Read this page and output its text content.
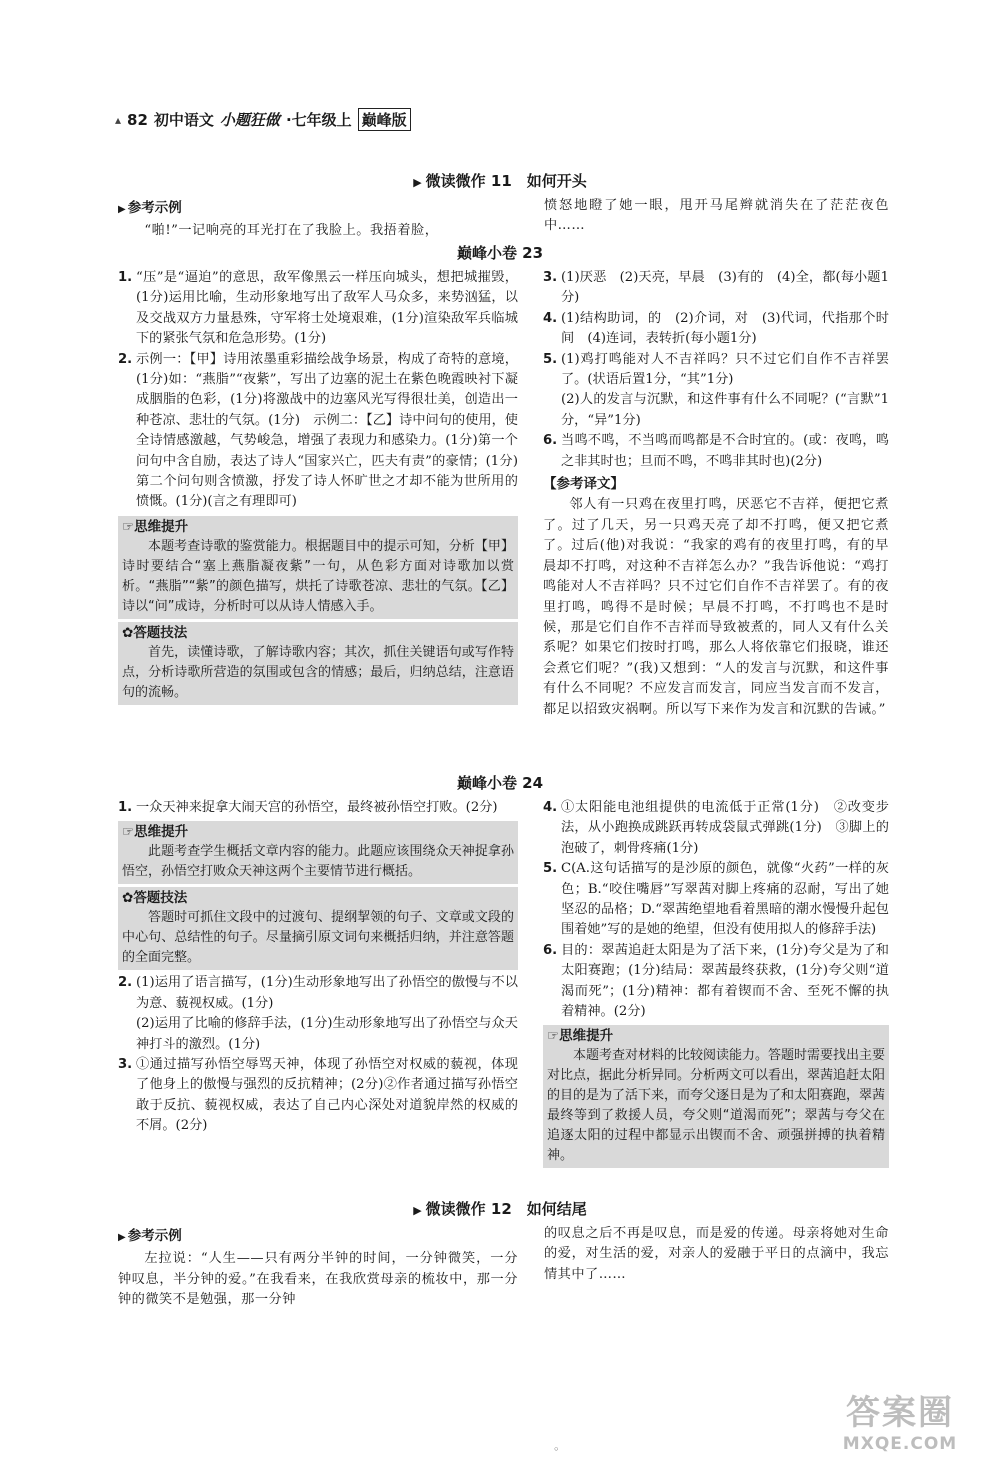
▴ 82 初中语文 小题狂做 ·七年级上 巅峰版
▶ 微读微作 11　如何开头
▶ 参考示例
“啪!”一记响亮的耳光打在了我脸上。我捂着脸，
愤怒地瞪了她一眼，甩开马尾辫就消失在了茫茫夜色中……
巅峰小卷 23
1. “压”是“逼迫”的意思，敌军像黑云一样压向城头，想把城摧毁，(1分)运用比喻，生动形象地写出了敌军人马众多，来势汹猛，以及交战双方力量悬殊，守军将士处境艰难，(1分)渲染敌军兵临城下的紧张气氛和危急形势。(1分)
2. 示例一：【甲】诗用浓墨重彩描绘战争场景，构成了奇特的意境，(1分)如：“燕脂”“夜紫”，写出了边塞的泥土在紫色晚霞映衬下凝成胭脂的色彩，(1分)将激战中的边塞风光写得很壮美，创造出一种苍凉、悲壮的气氛。(1分)　示例二：【乙】诗中问句的使用，使全诗情感激越，气势峻急，增强了表现力和感染力。(1分)第一个问句中含自励，表达了诗人“国家兴亡，匹夫有责”的豪情；(1分)第二个问句则含愤激，抒发了诗人怀旷世之才却不能为世所用的愤慨。(1分)(言之有理即可)
☞思维提升

本题考查诗歌的鉴赏能力。根据题目中的提示可知，分析【甲】诗时要结合“塞上燕脂凝夜紫”一句，从色彩方面对诗歌加以赏析。“燕脂”“紫”的颜色描写，烘托了诗歌苍凉、悲壮的气氛。【乙】诗以“问”成诗，分析时可以从诗人情感入手。

✿答题技法

首先，读懂诗歌，了解诗歌内容；其次，抓住关键语句或写作特点，分析诗歌所营造的氛围或包含的情感；最后，归纳总结，注意语句的流畅。

3. (1)厌恶　(2)天亮，早晨　(3)有的　(4)全，都(每小题1分)
4. (1)结构助词，的　(2)介词，对　(3)代词，代指那个时间　(4)连词，表转折(每小题1分)
5. (1)鸡打鸣能对人不吉祥吗？只不过它们自作不吉祥罢了。(状语后置1分，“其”1分)
(2)人的发言与沉默，和这件事有什么不同呢？(“言默”1分，“异”1分)
6. 当鸣不鸣，不当鸣而鸣都是不合时宜的。(或：夜鸣，鸣之非其时也；旦而不鸣，不鸣非其时也)(2分)
【参考译文】
邻人有一只鸡在夜里打鸣，厌恶它不吉祥，便把它煮了。过了几天，另一只鸡天亮了却不打鸣，便又把它煮了。过后(他)对我说：“我家的鸡有的夜里打鸣，有的早晨却不打鸣，对这种不吉祥怎么办？”我告诉他说：“鸡打鸣能对人不吉祥吗？只不过它们自作不吉祥罢了。有的夜里打鸣，鸣得不是时候；早晨不打鸣，不打鸣也不是时候，那是它们自作不吉祥而导致被煮的，同人又有什么关系呢？如果它们按时打鸣，那么人将依靠它们报晓，谁还会煮它们呢？”(我)又想到：“人的发言与沉默，和这件事有什么不同呢？不应发言而发言，同应当发言而不发言，都足以招致灾祸啊。所以写下来作为发言和沉默的告诫。”
巅峰小卷 24
1. 一众天神来捉拿大闹天宫的孙悟空，最终被孙悟空打败。(2分)
☞思维提升

此题考查学生概括文章内容的能力。此题应该围绕众天神捉拿孙悟空，孙悟空打败众天神这两个主要情节进行概括。

✿答题技法

答题时可抓住文段中的过渡句、提纲挈领的句子、文章或文段的中心句、总结性的句子。尽量摘引原文词句来概括归纳，并注意答题的全面完整。

2. (1)运用了语言描写，(1分)生动形象地写出了孙悟空的傲慢与不以为意、藐视权威。(1分)
(2)运用了比喻的修辞手法，(1分)生动形象地写出了孙悟空与众天神打斗的激烈。(1分)
3. ①通过描写孙悟空辱骂天神，体现了孙悟空对权威的藐视，体现了他身上的傲慢与强烈的反抗精神；(2分)②作者通过描写孙悟空敢于反抗、藐视权威，表达了自己内心深处对道貌岸然的权威的不屑。(2分)
4. ①太阳能电池组提供的电流低于正常(1分)　②改变步法，从小跑换成跳跃再转成袋鼠式弹跳(1分)　③脚上的泡破了，刺骨疼痛(1分)
5. C(A.这句话描写的是沙原的颜色，就像“火药”一样的灰色；B.“咬住嘴唇”写翠茜对脚上疼痛的忍耐，写出了她坚忍的品格；D.“翠茜绝望地看着黑暗的潮水慢慢升起包围着她”写的是她的绝望，但没有使用拟人的修辞手法)
6. 目的：翠茜追赶太阳是为了活下来，(1分)夸父是为了和太阳赛跑；(1分)结局：翠茜最终获救，(1分)夸父则“道渴而死”；(1分)精神：都有着锲而不舍、至死不懈的执着精神。(2分)
☞思维提升

本题考查对材料的比较阅读能力。答题时需要找出主要对比点，据此分析异同。分析两文可以看出，翠茜追赶太阳的目的是为了活下来，而夸父逐日是为了和太阳赛跑，翠茜最终等到了救援人员，夸父则“道渴而死”；翠茜与夸父在追逐太阳的过程中都显示出锲而不舍、顽强拼搏的执着精神。

▶ 微读微作 12　如何结尾
▶ 参考示例
左拉说：“人生——只有两分半钟的时间，一分钟微笑，一分钟叹息，半分钟的爱。”在我看来，在我欣赏母亲的梳妆中，那一分钟的微笑不是勉强，那一分钟
的叹息之后不再是叹息，而是爱的传递。母亲将她对生命的爱，对生活的爱，对亲人的爱融于平日的点滴中，我忘情其中了……
答案圈
MXQE.COM
◦
